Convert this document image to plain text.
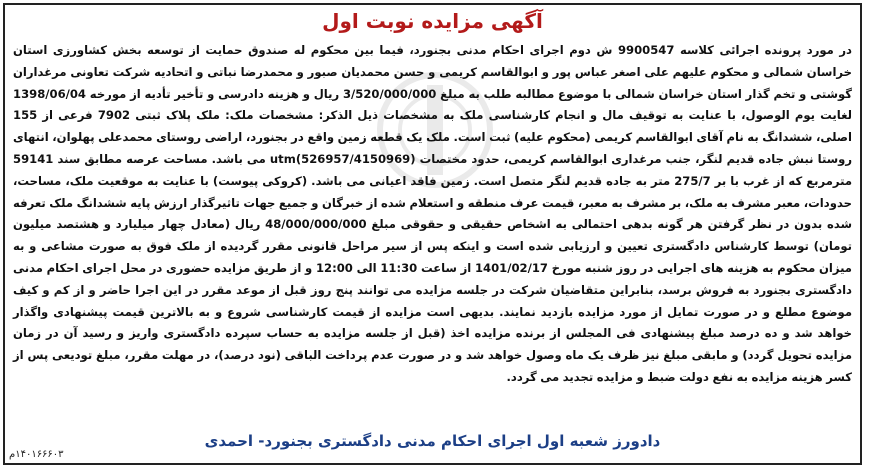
آگهی مزایده نوبت اول
در مورد پرونده اجرائی کلاسه 9900547 ش دوم اجرای احکام مدنی بجنورد، فیما بین محکوم له صندوق حمایت از توسعه بخش کشاورزی استان خراسان شمالی و محکوم علیهم علی اصغر عباس پور و ابوالقاسم کریمی و حسن محمدیان صبور و محمدرضا نباتی و اتحادیه شرکت تعاونی مرغداران گوشتی و تخم گذار استان خراسان شمالی با موضوع مطالبه طلب به مبلغ 3/520/000/000 ریال و هزینه دادرسی و تأخیر تأدیه از مورخه 1398/06/04 لغایت یوم الوصول، با عنایت به توقیف مال و انجام کارشناسی ملک به مشخصات ذیل الذکر: مشخصات ملک: ملک پلاک ثبتی 7902 فرعی از 155 اصلی، ششدانگ به نام آقای ابوالقاسم کریمی (محکوم علیه) ثبت است. ملک یک قطعه زمین واقع در بجنورد، اراضی روستای محمدعلی پهلوان، انتهای روستا نبش جاده قدیم لنگر، جنب مرغداری ابوالقاسم کریمی، حدود مختصات (526957/4150969)utm می باشد. مساحت عرصه مطابق سند 59141 مترمربع که از غرب با بر 275/7 متر به جاده قدیم لنگر متصل است. زمین فاقد اعیانی می باشد. (کروکی پیوست) با عنایت به موقعیت ملک، مساحت، حدودات، معبر مشرف به ملک، بر مشرف به معبر، قیمت عرف منطقه و استعلام شده از خبرگان و جمیع جهات تاثیرگذار ارزش پایه ششدانگ ملک تعرفه شده بدون در نظر گرفتن هر گونه بدهی احتمالی به اشخاص حقیقی و حقوقی مبلغ 48/000/000/000 ریال (معادل چهار میلیارد و هشتصد میلیون تومان) توسط کارشناس دادگستری تعیین و ارزیابی شده است و اینکه پس از سیر مراحل قانونی مقرر گردیده از ملک فوق به صورت مشاعی و به میزان محکوم به هزینه های اجرایی در روز شنبه مورخ 1401/02/17 از ساعت 11:30 الی 12:00 و از طریق مزایده حضوری در محل اجرای احکام مدنی دادگستری بجنورد به فروش برسد، بنابراین متقاضیان شرکت در جلسه مزایده می توانند پنج روز قبل از موعد مقرر در این اجرا حاضر و از کم و کیف موضوع مطلع و در صورت تمایل از مورد مزایده بازدید نمایند. بدیهی است مزایده از قیمت کارشناسی شروع و به بالاترین قیمت پیشنهادی واگذار خواهد شد و ده درصد مبلغ پیشنهادی فی المجلس از برنده مزایده اخذ (قبل از جلسه مزایده به حساب سپرده دادگستری واریز و رسید آن در زمان مزایده تحویل گردد) و مابقی مبلغ نیز ظرف یک ماه وصول خواهد شد و در صورت عدم پرداخت الباقی (نود درصد)، در مهلت مقرر، مبلغ تودیعی پس از کسر هزینه مزایده به نفع دولت ضبط و مزایده تجدید می گردد.
دادورز شعبه اول اجرای احکام مدنی دادگستری بجنورد- احمدی
۱۴۰۱۶۶۶۰۳م
